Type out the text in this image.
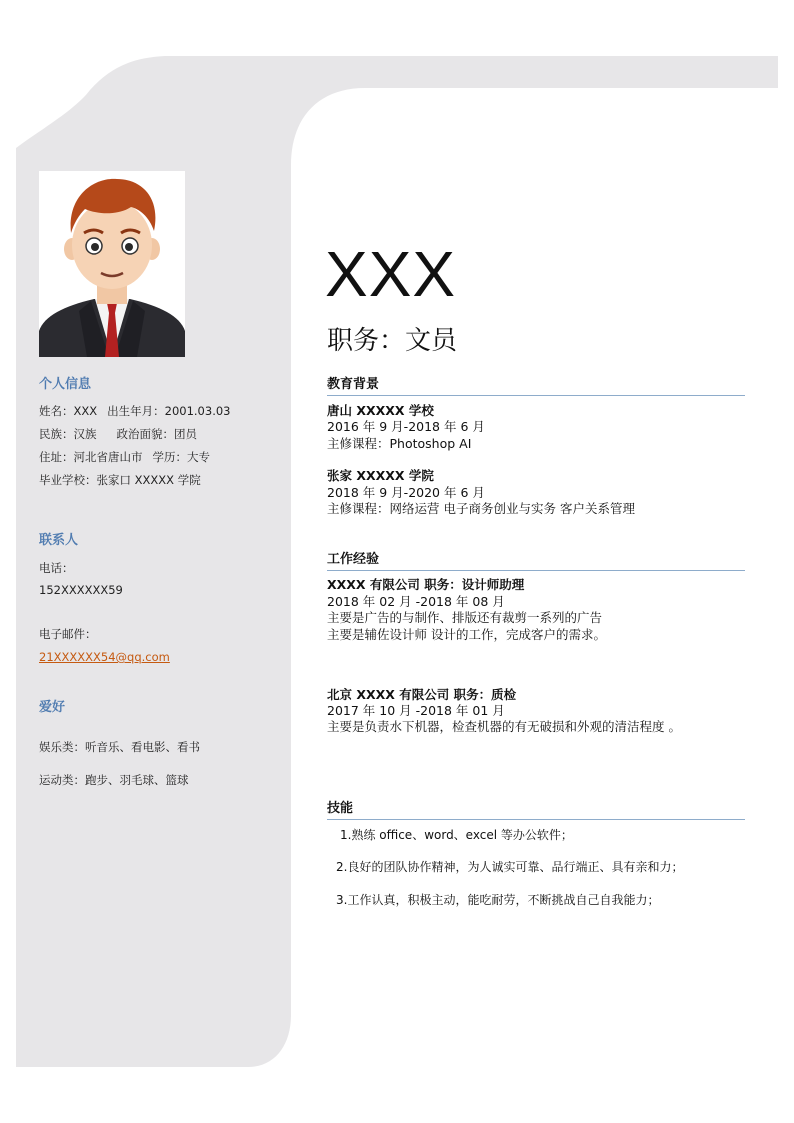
个人信息
姓名：XXX 出生年月：2001.03.03
民族：汉族 政治面貌：团员
住址：河北省唐山市 学历：大专
毕业学校：张家口 XXXXX 学院
联系人
电话：
152XXXXXX59
电子邮件：
21XXXXXX54@qq.com
爱好
娱乐类：听音乐、看电影、看书
运动类：跑步、羽毛球、篮球
XXX
职务：文员
教育背景
唐山 XXXXX 学校
2016 年 9 月-2018 年 6 月
主修课程：Photoshop AI
张家 XXXXX 学院
2018 年 9 月-2020 年 6 月
主修课程：网络运营 电子商务创业与实务 客户关系管理
工作经验
XXXX 有限公司 职务：设计师助理
2018 年 02 月 -2018 年 08 月
主要是广告的与制作、排版还有裁剪一系列的广告
主要是辅佐设计师 设计的工作，完成客户的需求。
北京 XXXX 有限公司 职务：质检
2017 年 10 月 -2018 年 01 月
主要是负责水下机器，检查机器的有无破损和外观的清洁程度 。
技能
1.熟练 office、word、excel 等办公软件；
2.良好的团队协作精神，为人诚实可靠、品行端正、具有亲和力；
3.工作认真，积极主动，能吃耐劳，不断挑战自己自我能力；
